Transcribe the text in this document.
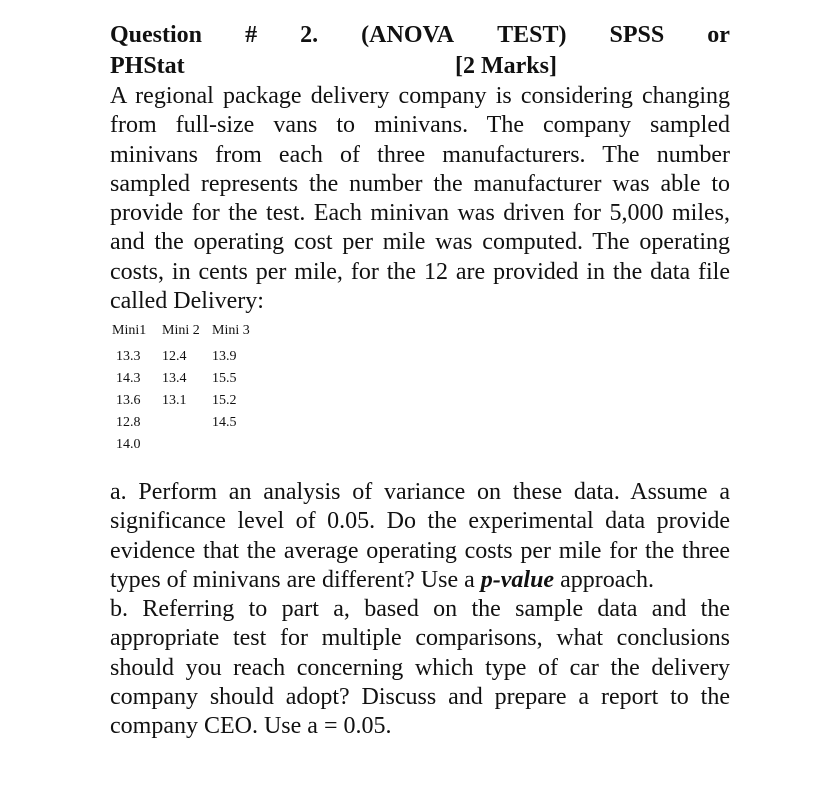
Question # 2. (ANOVA TEST) SPSS or
PHStat	[2 Marks]

A regional package delivery company is considering changing from full-size vans to minivans. The company sampled minivans from each of three manufacturers. The number sampled represents the number the manufacturer was able to provide for the test. Each minivan was driven for 5,000 miles, and the operating cost per mile was computed. The operating costs, in cents per mile, for the 12 are provided in the data file called Delivery:

Mini1	Mini 2	Mini 3
13.3	12.4	13.9
14.3	13.4	15.5
13.6	13.1	15.2
12.8		14.5
14.0		

a. Perform an analysis of variance on these data. Assume a significance level of 0.05. Do the experimental data provide evidence that the average operating costs per mile for the three types of minivans are different? Use a p-value approach.

b. Referring to part a, based on the sample data and the appropriate test for multiple comparisons, what conclusions should you reach concerning which type of car the delivery company should adopt? Discuss and prepare a report to the company CEO. Use a = 0.05.
